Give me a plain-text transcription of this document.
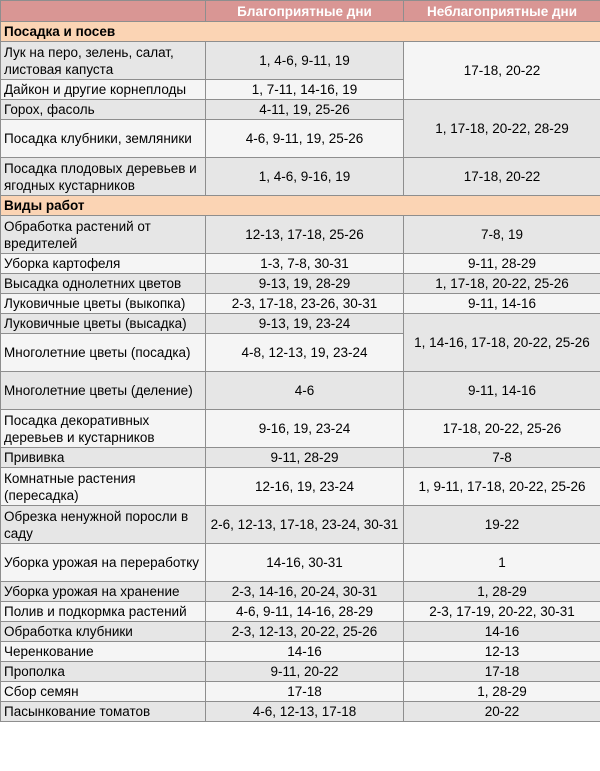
	Благоприятные дни	Неблагоприятные дни
Посадка и посев		
Лук на перо, зелень, салат, листовая капуста	1, 4-6, 9-11, 19	17-18, 20-22
Дайкон и другие корнеплоды	1, 7-11, 14-16, 19	
Горох, фасоль	4-11, 19, 25-26	1, 17-18, 20-22, 28-29
Посадка клубники, земляники	4-6, 9-11, 19, 25-26	
Посадка плодовых деревьев и ягодных кустарников	1, 4-6, 9-16, 19	17-18, 20-22
Виды работ		
Обработка растений от вредителей	12-13, 17-18, 25-26	7-8, 19
Уборка картофеля	1-3, 7-8, 30-31	9-11, 28-29
Высадка однолетних цветов	9-13, 19, 28-29	1, 17-18, 20-22, 25-26
Луковичные цветы (выкопка)	2-3, 17-18, 23-26, 30-31	9-11, 14-16
Луковичные цветы (высадка)	9-13, 19, 23-24	1, 14-16, 17-18, 20-22, 25-26
Многолетние цветы (посадка)	4-8, 12-13, 19, 23-24	
Многолетние цветы (деление)	4-6	9-11, 14-16
Посадка декоративных деревьев и кустарников	9-16, 19, 23-24	17-18, 20-22, 25-26
Прививка	9-11, 28-29	7-8
Комнатные растения (пересадка)	12-16, 19, 23-24	1, 9-11, 17-18, 20-22, 25-26
Обрезка ненужной поросли в саду	2-6, 12-13, 17-18, 23-24, 30-31	19-22
Уборка урожая на переработку	14-16, 30-31	1
Уборка урожая на хранение	2-3, 14-16, 20-24, 30-31	1, 28-29
Полив и подкормка растений	4-6, 9-11, 14-16, 28-29	2-3, 17-19, 20-22, 30-31
Обработка клубники	2-3, 12-13, 20-22, 25-26	14-16
Черенкование	14-16	12-13
Прополка	9-11, 20-22	17-18
Сбор семян	17-18	1, 28-29
Пасынкование томатов	4-6, 12-13, 17-18	20-22
